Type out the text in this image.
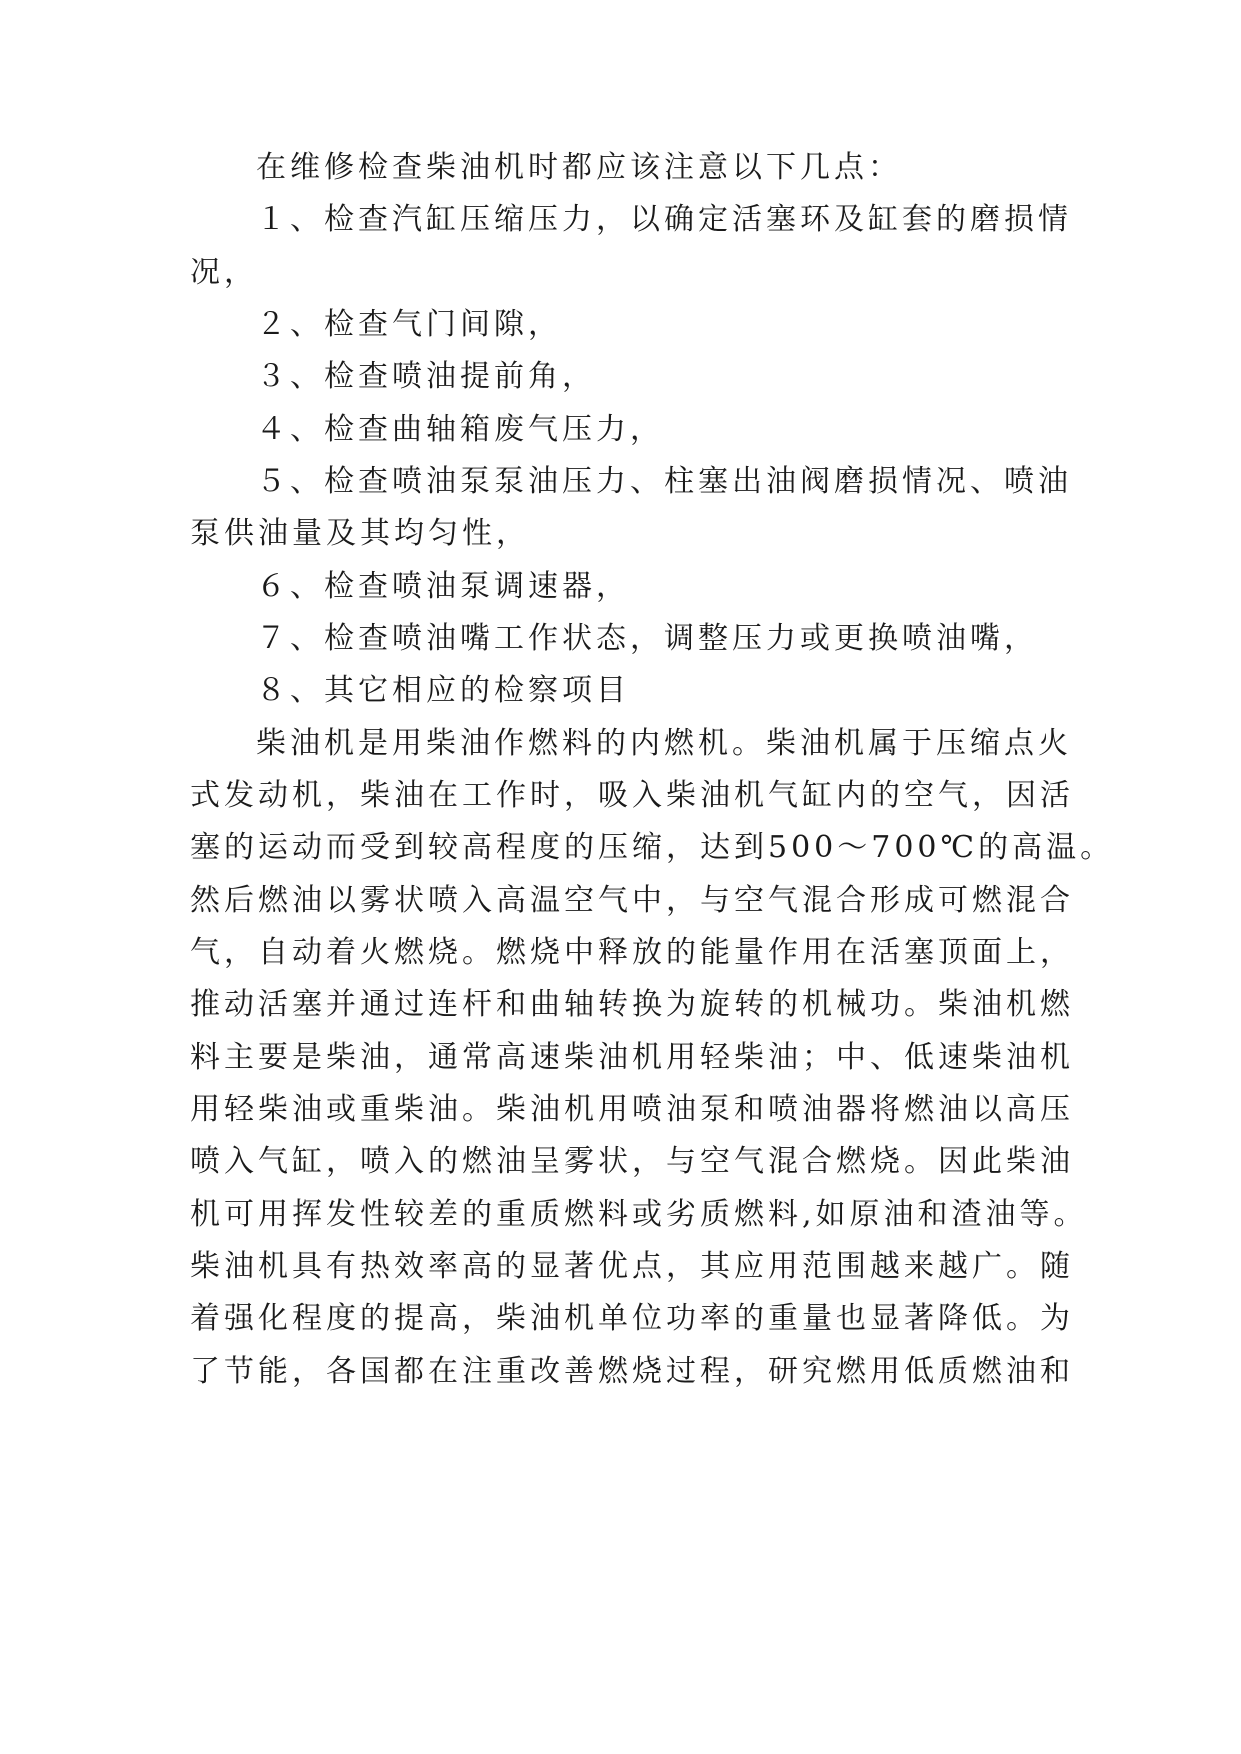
在维修检查柴油机时都应该注意以下几点：
１、检查汽缸压缩压力，以确定活塞环及缸套的磨损情
况，
２、检查气门间隙，
３、检查喷油提前角，
４、检查曲轴箱废气压力，
５、检查喷油泵泵油压力、柱塞出油阀磨损情况、喷油
泵供油量及其均匀性，
６、检查喷油泵调速器，
７、检查喷油嘴工作状态，调整压力或更换喷油嘴，
８、其它相应的检察项目
柴油机是用柴油作燃料的内燃机。柴油机属于压缩点火
式发动机，柴油在工作时，吸入柴油机气缸内的空气，因活
塞的运动而受到较高程度的压缩，达到500～700℃的高温。
然后燃油以雾状喷入高温空气中，与空气混合形成可燃混合
气，自动着火燃烧。燃烧中释放的能量作用在活塞顶面上，
推动活塞并通过连杆和曲轴转换为旋转的机械功。柴油机燃
料主要是柴油，通常高速柴油机用轻柴油；中、低速柴油机
用轻柴油或重柴油。柴油机用喷油泵和喷油器将燃油以高压
喷入气缸，喷入的燃油呈雾状，与空气混合燃烧。因此柴油
机可用挥发性较差的重质燃料或劣质燃料,如原油和渣油等。
柴油机具有热效率高的显著优点，其应用范围越来越广。随
着强化程度的提高，柴油机单位功率的重量也显著降低。为
了节能，各国都在注重改善燃烧过程，研究燃用低质燃油和
